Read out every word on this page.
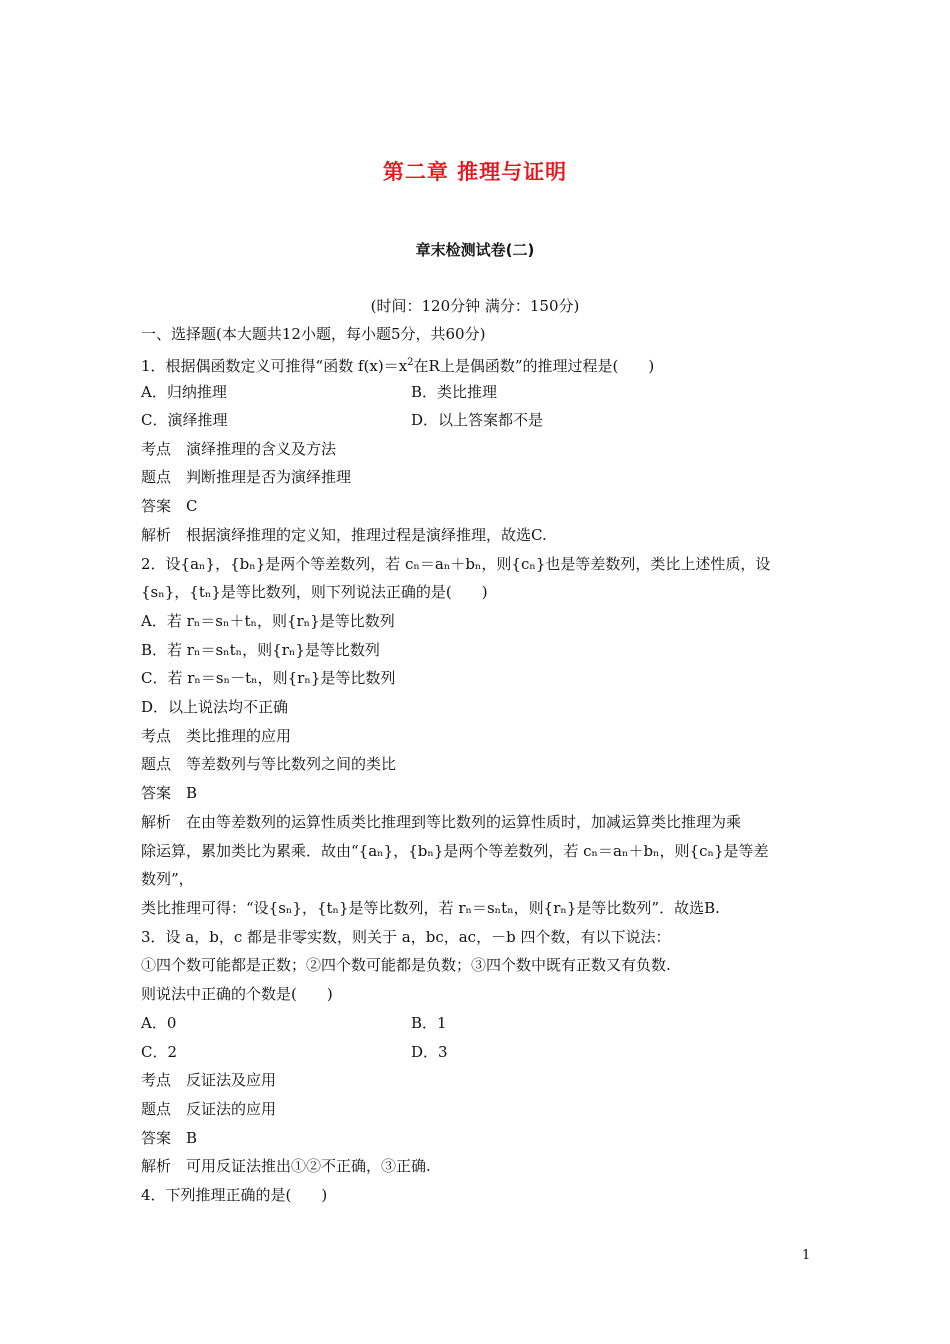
第二章 推理与证明
章末检测试卷(二)
(时间：120分钟 满分：150分)
一、选择题(本大题共12小题，每小题5分，共60分)
1．根据偶函数定义可推得“函数 $f(x)=x^2$在R上是偶函数”的推理过程是(　　)
A．归纳推理	B．类比推理
C．演绎推理	D．以上答案都不是
考点　演绎推理的含义及方法
题点　判断推理是否为演绎推理
答案　C
解析　根据演绎推理的定义知，推理过程是演绎推理，故选C.
2．设{aₙ}，{bₙ}是两个等差数列，若 cₙ＝aₙ＋bₙ，则{cₙ}也是等差数列，类比上述性质，设
{sₙ}，{tₙ}是等比数列，则下列说法正确的是(　　)
A．若 rₙ＝sₙ＋tₙ，则{rₙ}是等比数列
B．若 rₙ＝sₙtₙ，则{rₙ}是等比数列
C．若 rₙ＝sₙ－tₙ，则{rₙ}是等比数列
D．以上说法均不正确
考点　类比推理的应用
题点　等差数列与等比数列之间的类比
答案　B
解析　在由等差数列的运算性质类比推理到等比数列的运算性质时，加减运算类比推理为乘
除运算，累加类比为累乘．故由“{aₙ}，{bₙ}是两个等差数列，若 cₙ＝aₙ＋bₙ，则{cₙ}是等差
数列”，
类比推理可得：“设{sₙ}，{tₙ}是等比数列，若 rₙ＝sₙtₙ，则{rₙ}是等比数列”．故选B.
3．设 a，b，c 都是非零实数，则关于 a，bc，ac，－b 四个数，有以下说法：
①四个数可能都是正数；②四个数可能都是负数；③四个数中既有正数又有负数.
则说法中正确的个数是(　　)
A．0	B．1
C．2	D．3
考点　反证法及应用
题点　反证法的应用
答案　B
解析　可用反证法推出①②不正确，③正确.
4．下列推理正确的是(　　)
1
